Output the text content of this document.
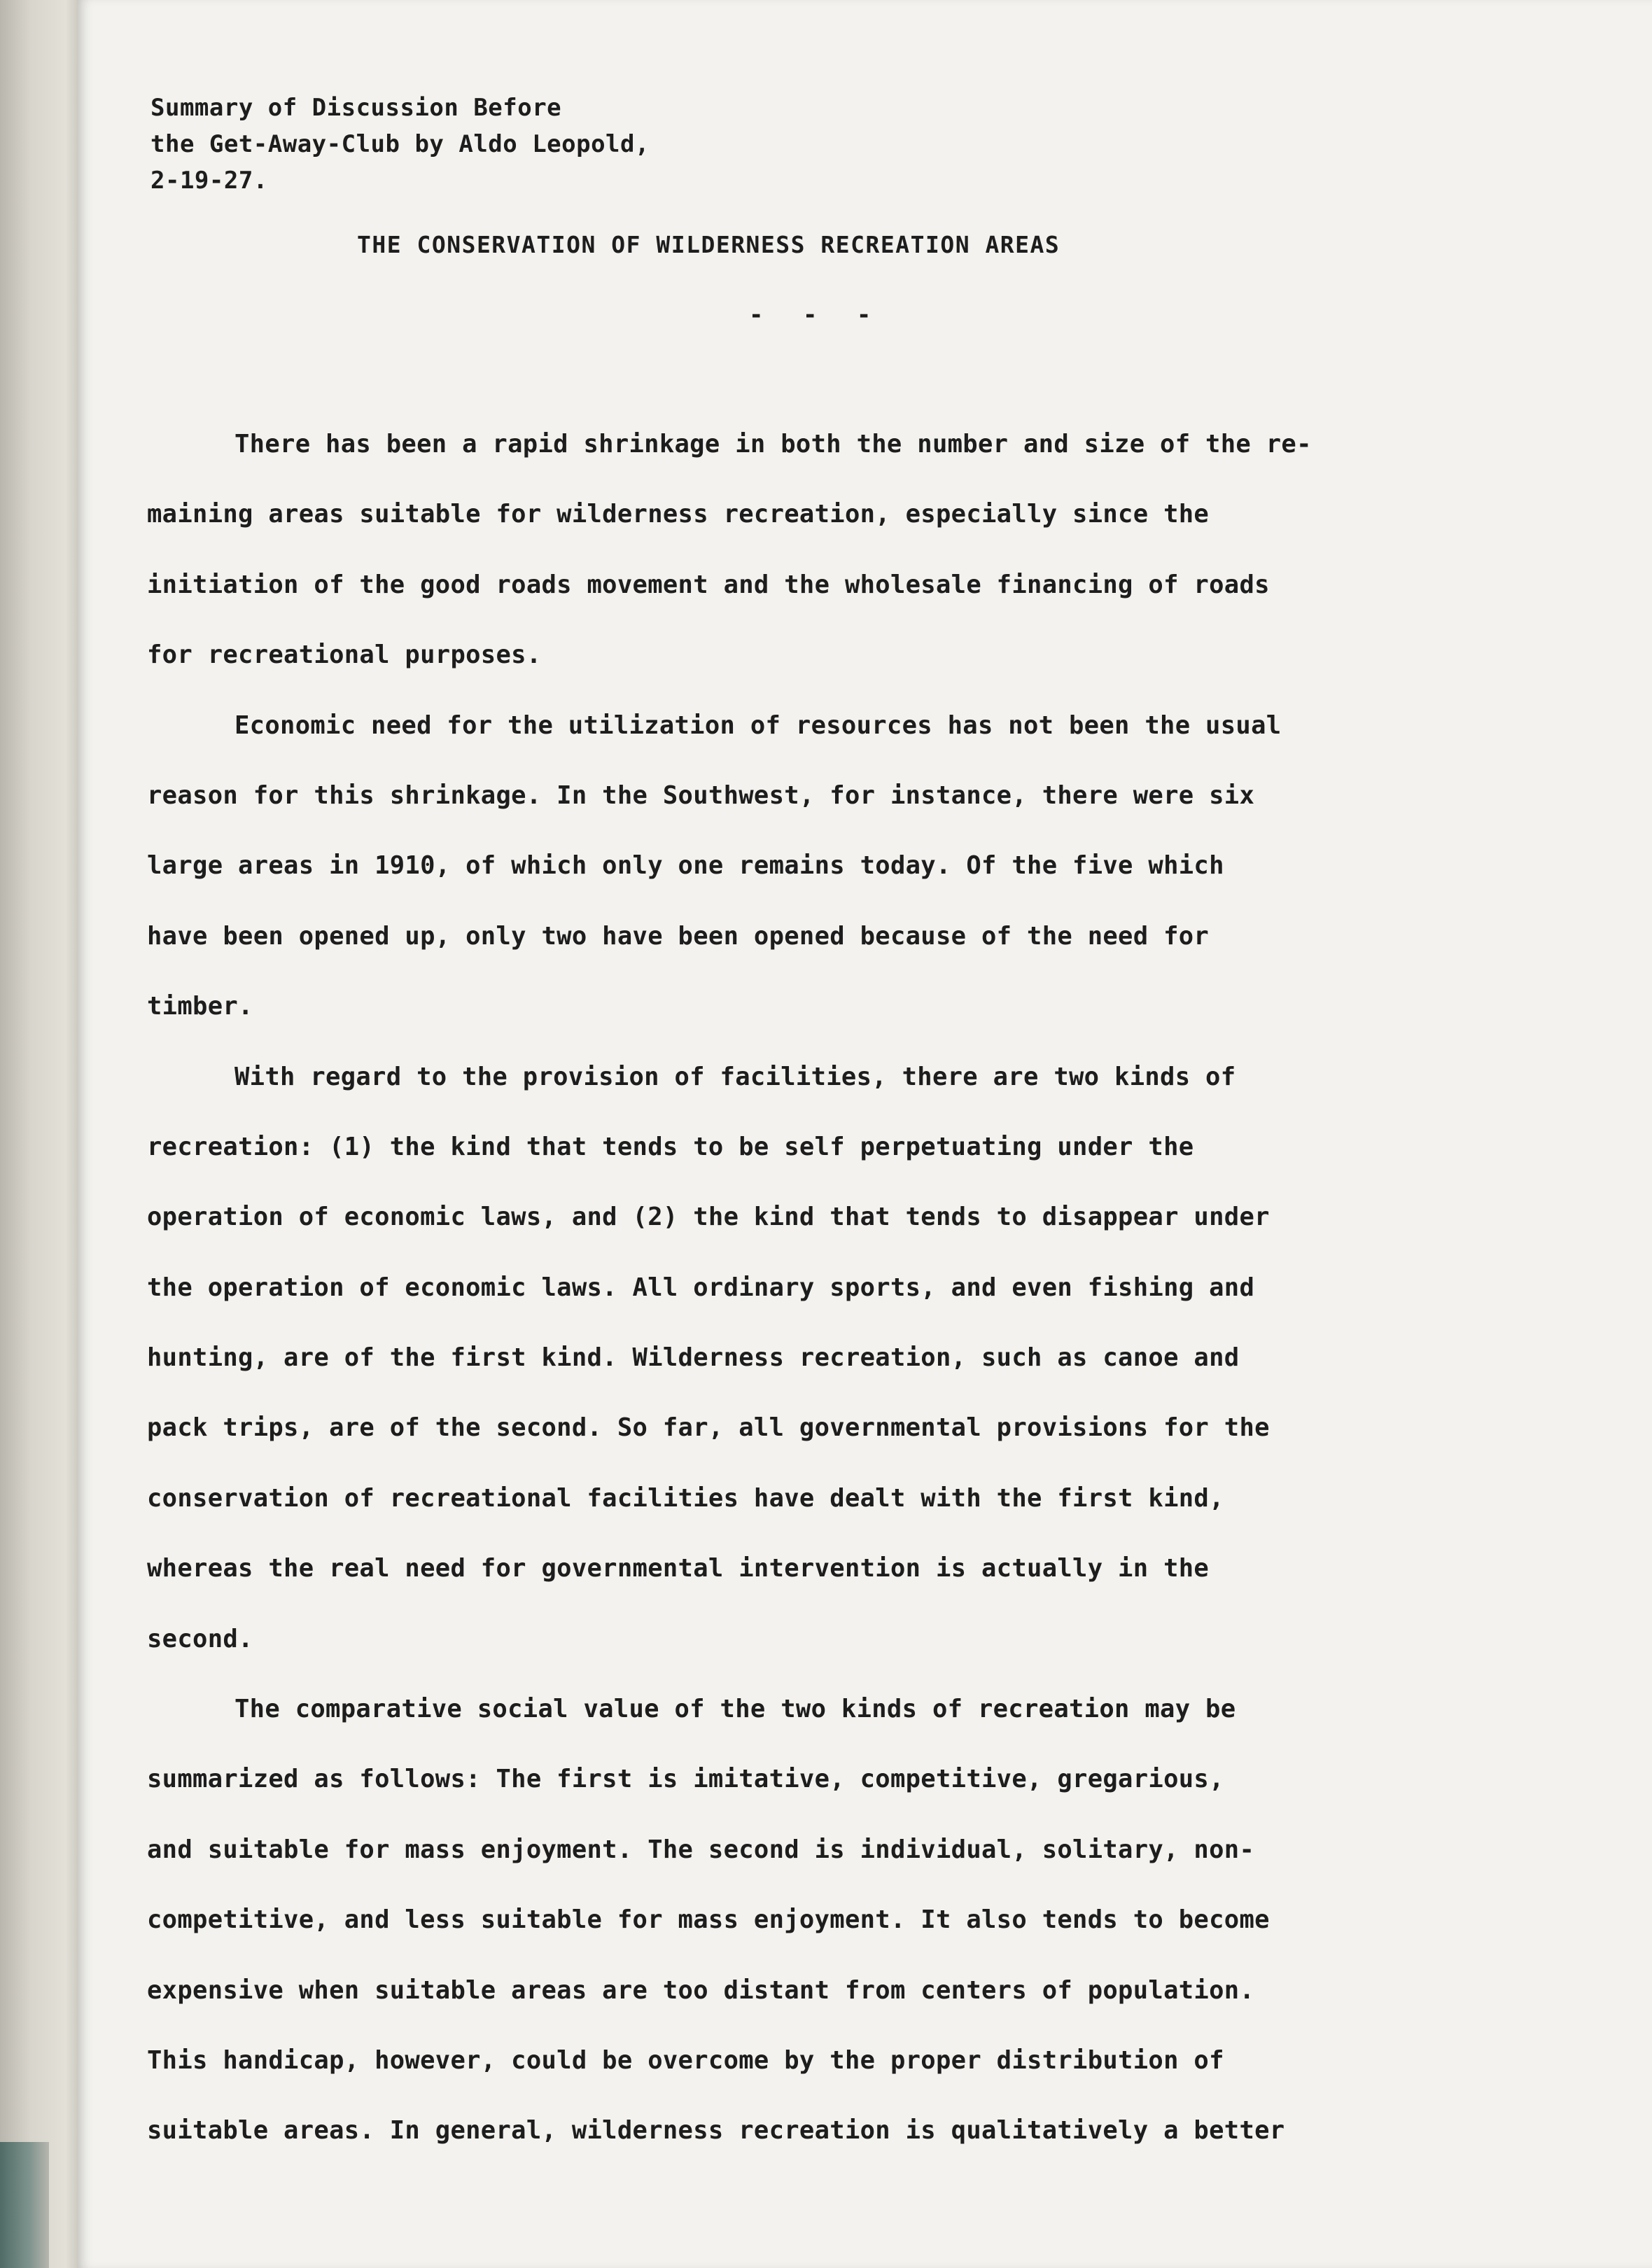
Summary of Discussion Before
the Get-Away-Club by Aldo Leopold,
2-19-27.
THE CONSERVATION OF WILDERNESS RECREATION AREAS
- - -
There has been a rapid shrinkage in both the number and size of the re-
maining areas suitable for wilderness recreation, especially since the
initiation of the good roads movement and the wholesale financing of roads
for recreational purposes.
Economic need for the utilization of resources has not been the usual
reason for this shrinkage. In the Southwest, for instance, there were six
large areas in 1910, of which only one remains today. Of the five which
have been opened up, only two have been opened because of the need for
timber.
With regard to the provision of facilities, there are two kinds of
recreation: (1) the kind that tends to be self perpetuating under the
operation of economic laws, and (2) the kind that tends to disappear under
the operation of economic laws. All ordinary sports, and even fishing and
hunting, are of the first kind. Wilderness recreation, such as canoe and
pack trips, are of the second. So far, all governmental provisions for the
conservation of recreational facilities have dealt with the first kind,
whereas the real need for governmental intervention is actually in the
second.
The comparative social value of the two kinds of recreation may be
summarized as follows: The first is imitative, competitive, gregarious,
and suitable for mass enjoyment. The second is individual, solitary, non-
competitive, and less suitable for mass enjoyment. It also tends to become
expensive when suitable areas are too distant from centers of population.
This handicap, however, could be overcome by the proper distribution of
suitable areas. In general, wilderness recreation is qualitatively a better
